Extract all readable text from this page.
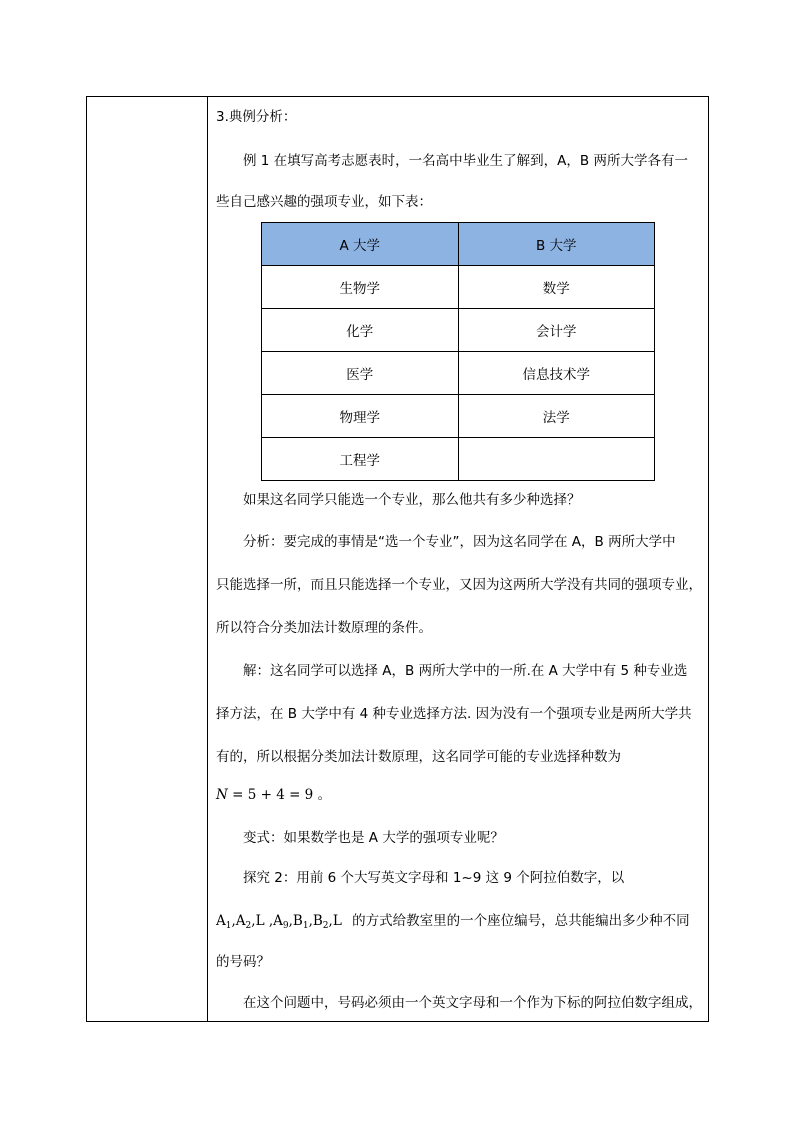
3.典例分析：
例 1 在填写高考志愿表时，一名高中毕业生了解到，A，B 两所大学各有一
些自己感兴趣的强项专业，如下表：
如果这名同学只能选一个专业，那么他共有多少种选择？
分析：要完成的事情是“选一个专业”，因为这名同学在 A，B 两所大学中
只能选择一所，而且只能选择一个专业，又因为这两所大学没有共同的强项专业，
所以符合分类加法计数原理的条件。
解：这名同学可以选择 A，B 两所大学中的一所.在 A 大学中有 5 种专业选
择方法，在 B 大学中有 4 种专业选择方法. 因为没有一个强项专业是两所大学共
有的，所以根据分类加法计数原理，这名同学可能的专业选择种数为
N = 5 + 4 = 9 。
变式：如果数学也是 A 大学的强项专业呢？
探究 2：用前 6 个大写英文字母和 1~9 这 9 个阿拉伯数字，以
$A_1,A_2,L$ $,A_9,B_1,B_2,L$ 的方式给教室里的一个座位编号，总共能编出多少种不同
的号码？
在这个问题中，号码必须由一个英文字母和一个作为下标的阿拉伯数字组成，
A 大学	B 大学
生物学	数学
化学	会计学
医学	信息技术学
物理学	法学
工程学	
